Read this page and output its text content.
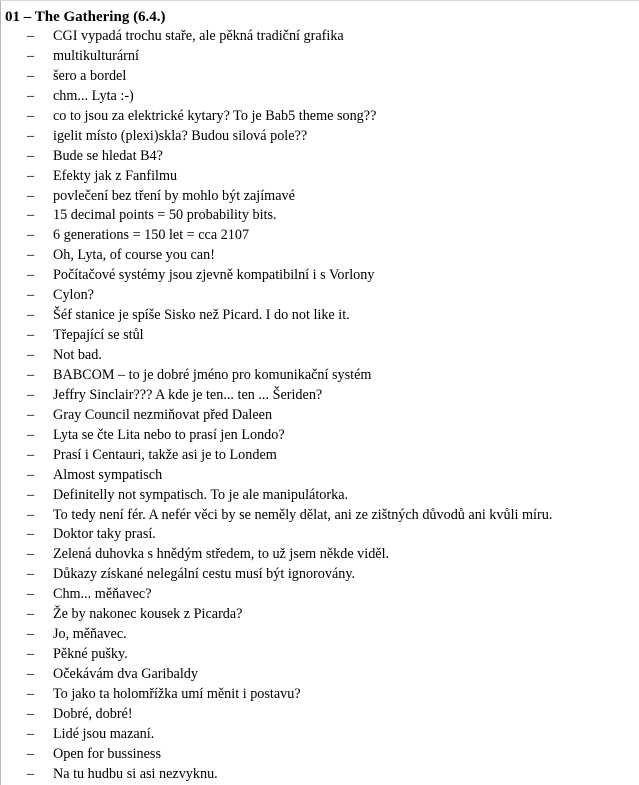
01 – The Gathering (6.4.)
– CGI vypadá trochu staře, ale pěkná tradiční grafika
– multikulturární
– šero a bordel
– chm... Lyta :-)
– co to jsou za elektrické kytary? To je Bab5 theme song??
– igelit místo (plexi)skla? Budou silová pole??
– Bude se hledat B4?
– Efekty jak z Fanfilmu
– povlečení bez tření by mohlo být zajímavé
– 15 decimal points = 50 probability bits.
– 6 generations = 150 let = cca 2107
– Oh, Lyta, of course you can!
– Počítačové systémy jsou zjevně kompatibilní i s Vorlony
– Cylon?
– Šéf stanice je spíše Sisko než Picard. I do not like it.
– Třepající se stůl
– Not bad.
– BABCOM – to je dobré jméno pro komunikační systém
– Jeffry Sinclair??? A kde je ten... ten ... Šeriden?
– Gray Council nezmiňovat před Daleen
– Lyta se čte Lita nebo to prasí jen Londo?
– Prasí i Centauri, takže asi je to Londem
– Almost sympatisch
– Definitelly not sympatisch. To je ale manipulátorka.
– To tedy není fér. A nefér věci by se neměly dělat, ani ze zištných důvodů ani kvůli míru.
– Doktor taky prasí.
– Zelená duhovka s hnědým středem, to už jsem někde viděl.
– Důkazy získané nelegální cestu musí být ignorovány.
– Chm... měňavec?
– Že by nakonec kousek z Picarda?
– Jo, měňavec.
– Pěkné pušky.
– Očekávám dva Garibaldy
– To jako ta holomřížka umí měnit i postavu?
– Dobré, dobré!
– Lidé jsou mazaní.
– Open for bussiness
– Na tu hudbu si asi nezvyknu.
